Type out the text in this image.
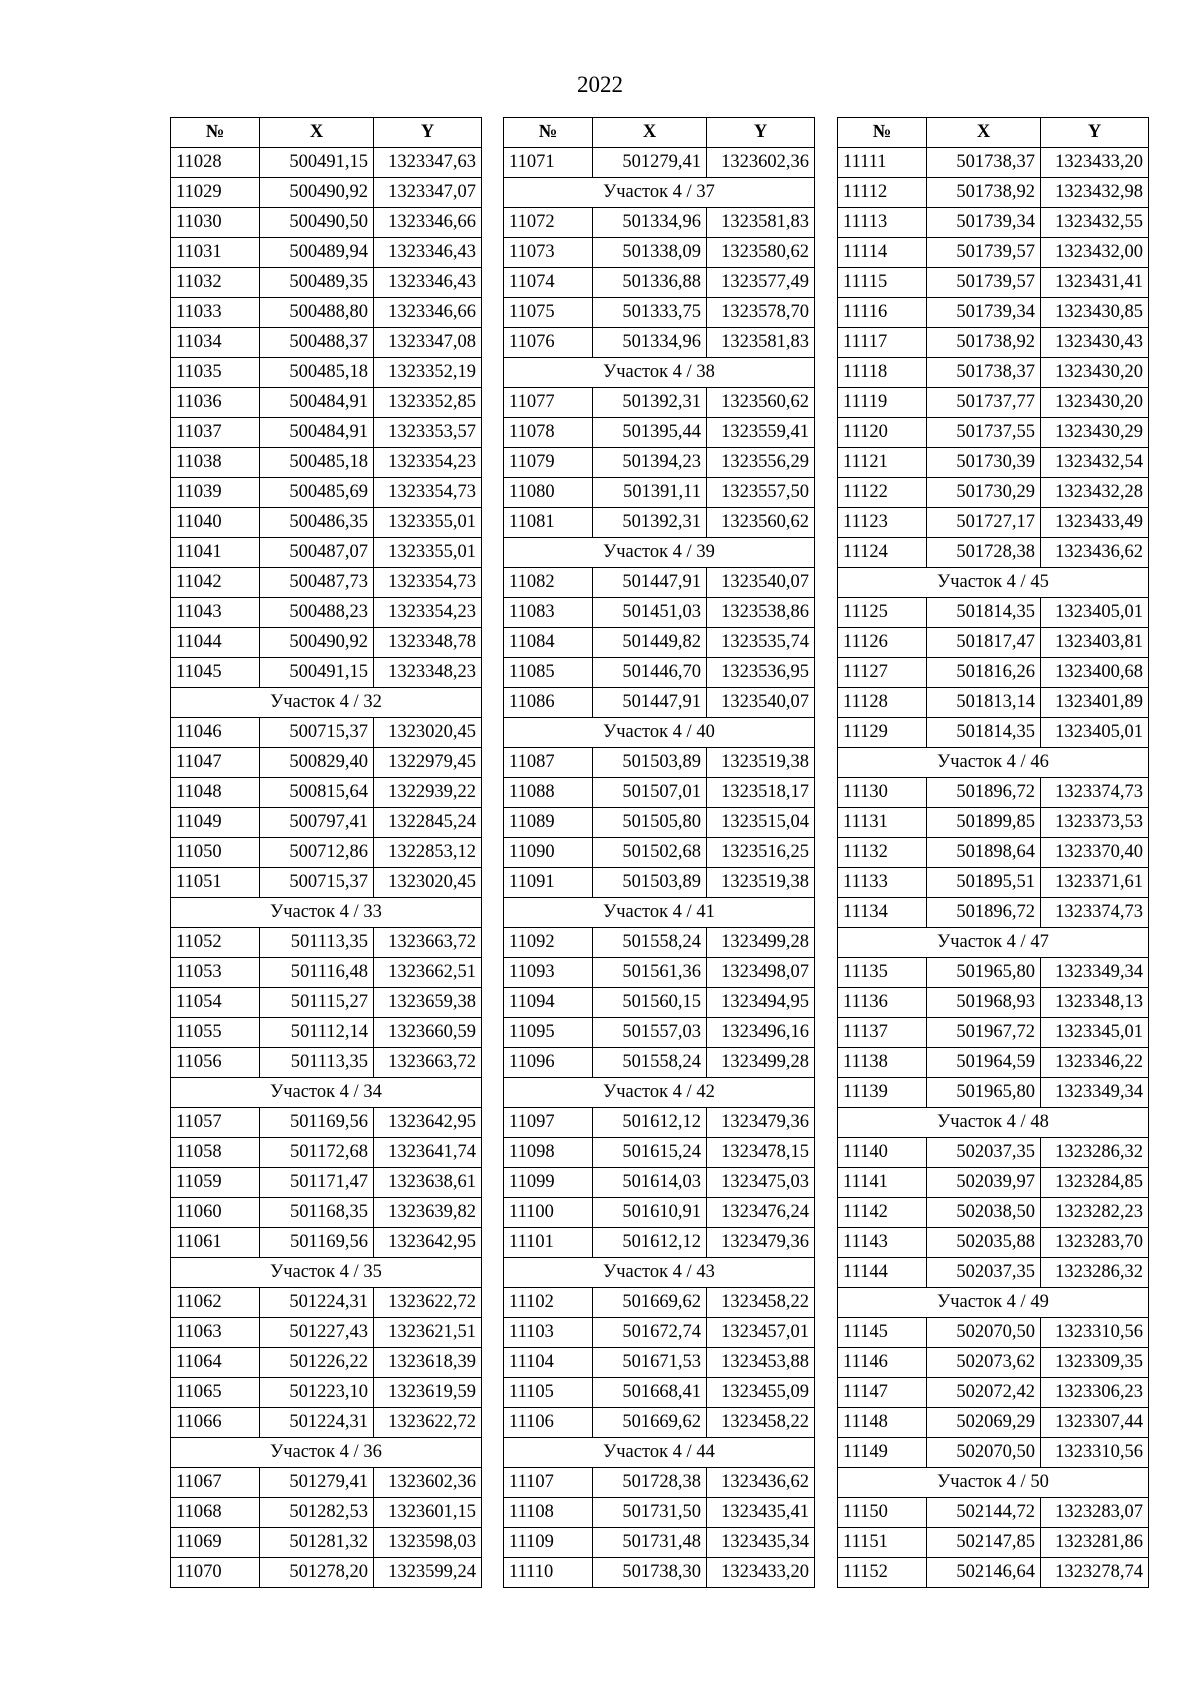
2022
№	X	Y
11028	500491,15	1323347,63
11029	500490,92	1323347,07
11030	500490,50	1323346,66
11031	500489,94	1323346,43
11032	500489,35	1323346,43
11033	500488,80	1323346,66
11034	500488,37	1323347,08
11035	500485,18	1323352,19
11036	500484,91	1323352,85
11037	500484,91	1323353,57
11038	500485,18	1323354,23
11039	500485,69	1323354,73
11040	500486,35	1323355,01
11041	500487,07	1323355,01
11042	500487,73	1323354,73
11043	500488,23	1323354,23
11044	500490,92	1323348,78
11045	500491,15	1323348,23
Участок 4 / 32		
11046	500715,37	1323020,45
11047	500829,40	1322979,45
11048	500815,64	1322939,22
11049	500797,41	1322845,24
11050	500712,86	1322853,12
11051	500715,37	1323020,45
Участок 4 / 33		
11052	501113,35	1323663,72
11053	501116,48	1323662,51
11054	501115,27	1323659,38
11055	501112,14	1323660,59
11056	501113,35	1323663,72
Участок 4 / 34		
11057	501169,56	1323642,95
11058	501172,68	1323641,74
11059	501171,47	1323638,61
11060	501168,35	1323639,82
11061	501169,56	1323642,95
Участок 4 / 35		
11062	501224,31	1323622,72
11063	501227,43	1323621,51
11064	501226,22	1323618,39
11065	501223,10	1323619,59
11066	501224,31	1323622,72
Участок 4 / 36		
11067	501279,41	1323602,36
11068	501282,53	1323601,15
11069	501281,32	1323598,03
11070	501278,20	1323599,24
№	X	Y
11071	501279,41	1323602,36
Участок 4 / 37		
11072	501334,96	1323581,83
11073	501338,09	1323580,62
11074	501336,88	1323577,49
11075	501333,75	1323578,70
11076	501334,96	1323581,83
Участок 4 / 38		
11077	501392,31	1323560,62
11078	501395,44	1323559,41
11079	501394,23	1323556,29
11080	501391,11	1323557,50
11081	501392,31	1323560,62
Участок 4 / 39		
11082	501447,91	1323540,07
11083	501451,03	1323538,86
11084	501449,82	1323535,74
11085	501446,70	1323536,95
11086	501447,91	1323540,07
Участок 4 / 40		
11087	501503,89	1323519,38
11088	501507,01	1323518,17
11089	501505,80	1323515,04
11090	501502,68	1323516,25
11091	501503,89	1323519,38
Участок 4 / 41		
11092	501558,24	1323499,28
11093	501561,36	1323498,07
11094	501560,15	1323494,95
11095	501557,03	1323496,16
11096	501558,24	1323499,28
Участок 4 / 42		
11097	501612,12	1323479,36
11098	501615,24	1323478,15
11099	501614,03	1323475,03
11100	501610,91	1323476,24
11101	501612,12	1323479,36
Участок 4 / 43		
11102	501669,62	1323458,22
11103	501672,74	1323457,01
11104	501671,53	1323453,88
11105	501668,41	1323455,09
11106	501669,62	1323458,22
Участок 4 / 44		
11107	501728,38	1323436,62
11108	501731,50	1323435,41
11109	501731,48	1323435,34
11110	501738,30	1323433,20
№	X	Y
11111	501738,37	1323433,20
11112	501738,92	1323432,98
11113	501739,34	1323432,55
11114	501739,57	1323432,00
11115	501739,57	1323431,41
11116	501739,34	1323430,85
11117	501738,92	1323430,43
11118	501738,37	1323430,20
11119	501737,77	1323430,20
11120	501737,55	1323430,29
11121	501730,39	1323432,54
11122	501730,29	1323432,28
11123	501727,17	1323433,49
11124	501728,38	1323436,62
Участок 4 / 45		
11125	501814,35	1323405,01
11126	501817,47	1323403,81
11127	501816,26	1323400,68
11128	501813,14	1323401,89
11129	501814,35	1323405,01
Участок 4 / 46		
11130	501896,72	1323374,73
11131	501899,85	1323373,53
11132	501898,64	1323370,40
11133	501895,51	1323371,61
11134	501896,72	1323374,73
Участок 4 / 47		
11135	501965,80	1323349,34
11136	501968,93	1323348,13
11137	501967,72	1323345,01
11138	501964,59	1323346,22
11139	501965,80	1323349,34
Участок 4 / 48		
11140	502037,35	1323286,32
11141	502039,97	1323284,85
11142	502038,50	1323282,23
11143	502035,88	1323283,70
11144	502037,35	1323286,32
Участок 4 / 49		
11145	502070,50	1323310,56
11146	502073,62	1323309,35
11147	502072,42	1323306,23
11148	502069,29	1323307,44
11149	502070,50	1323310,56
Участок 4 / 50		
11150	502144,72	1323283,07
11151	502147,85	1323281,86
11152	502146,64	1323278,74
